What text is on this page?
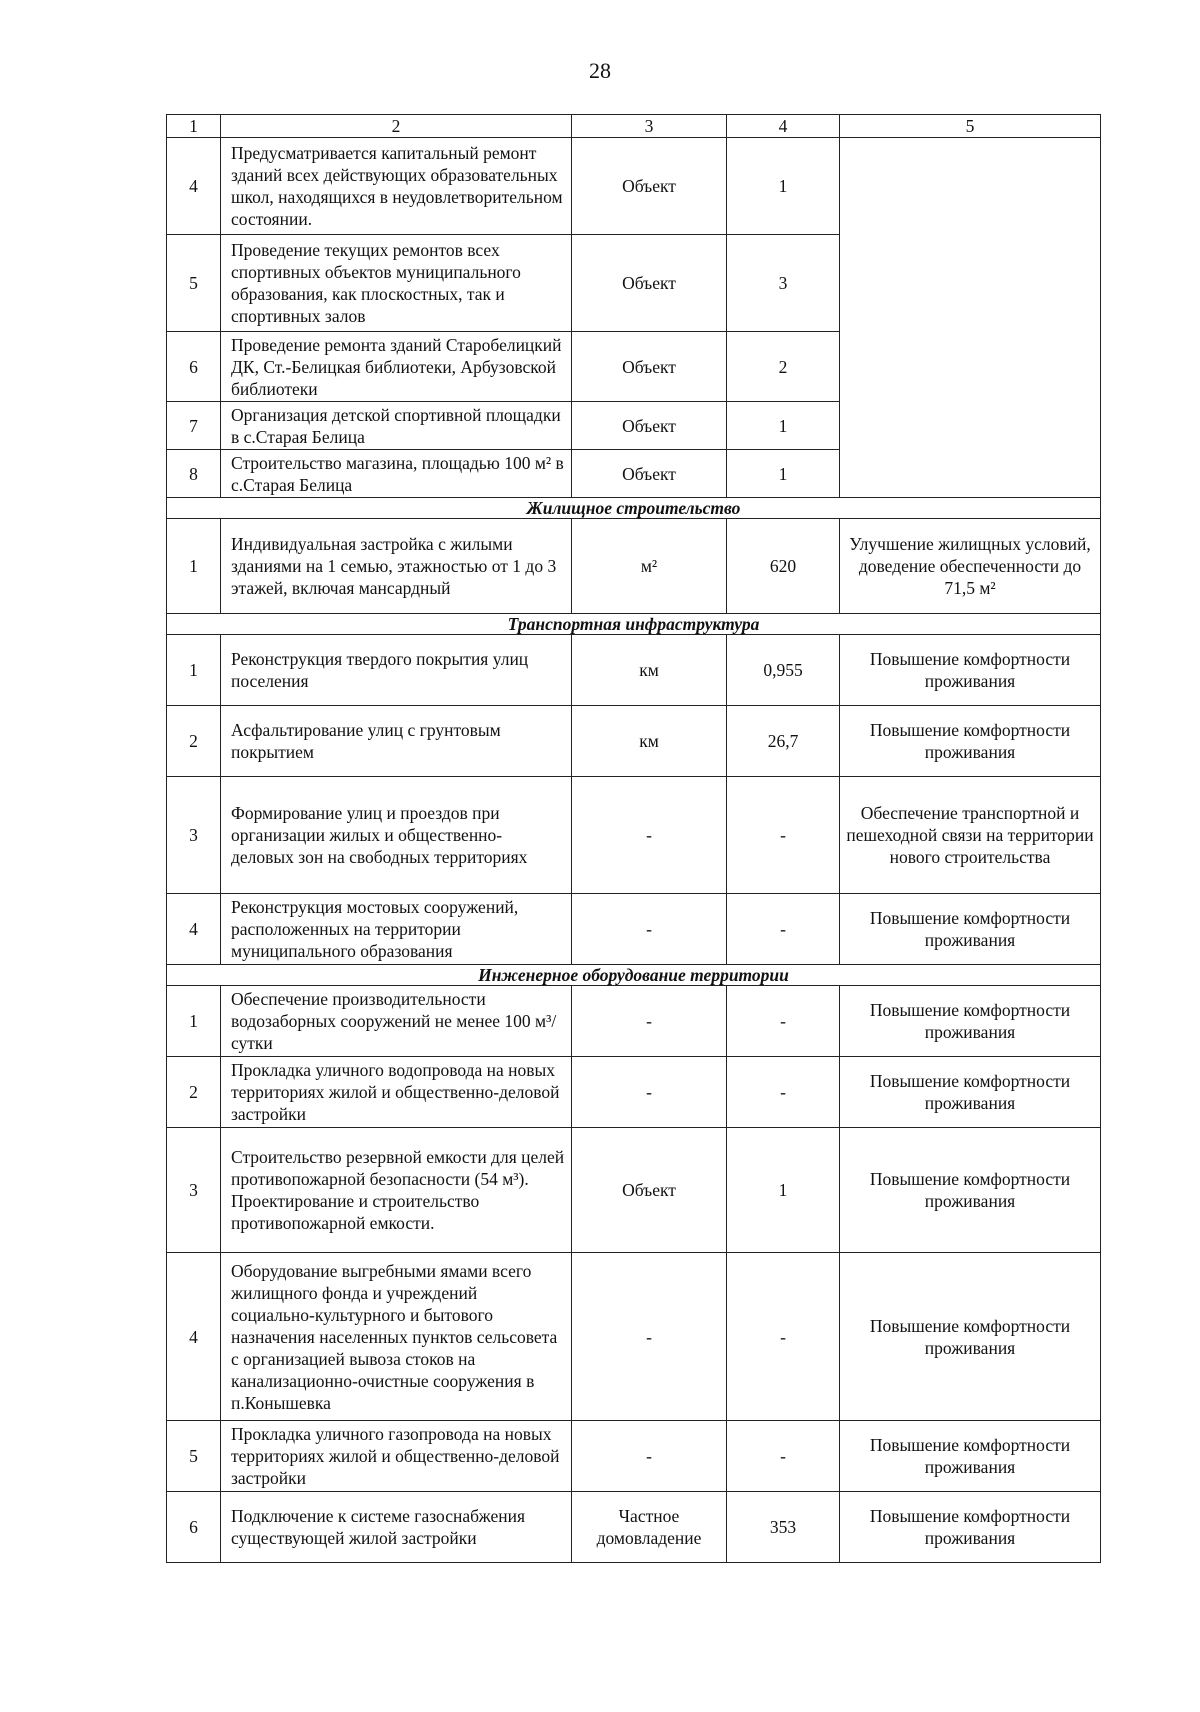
28
1	2	3	4	5
4	Предусматривается капитальный ремонт зданий всех действующих образовательных школ, находящихся в неудовлетворительном состоянии.	Объект	1	
5	Проведение текущих ремонтов всех спортивных объектов муниципального образования, как плоскостных, так и спортивных залов	Объект	3	
6	Проведение ремонта зданий Старобелицкий ДК, Ст.-Белицкая библиотеки, Арбузовской библиотеки	Объект	2	
7	Организация детской спортивной площадки в с.Старая Белица	Объект	1	
8	Строительство магазина, площадью 100 м² в с.Старая Белица	Объект	1	
Жилищное строительство				
1	Индивидуальная застройка с жилыми зданиями на 1 семью, этажностью от 1 до 3 этажей, включая мансардный	м²	620	Улучшение жилищных условий, доведение обеспеченности до 71,5 м²
Транспортная инфраструктура				
1	Реконструкция твердого покрытия улиц поселения	км	0,955	Повышение комфортности проживания
2	Асфальтирование улиц с грунтовым покрытием	км	26,7	Повышение комфортности проживания
3	Формирование улиц и проездов при организации жилых и общественно-деловых зон на свободных территориях	-	-	Обеспечение транспортной и пешеходной связи на территории нового строительства
4	Реконструкция мостовых сооружений, расположенных на территории муниципального образования	-	-	Повышение комфортности проживания
Инженерное оборудование территории				
1	Обеспечение производительности водозаборных сооружений не менее 100 м³/сутки	-	-	Повышение комфортности проживания
2	Прокладка уличного водопровода на новых территориях жилой и общественно-деловой застройки	-	-	Повышение комфортности проживания
3	Строительство резервной емкости для целей противопожарной безопасности (54 м³). Проектирование и строительство противопожарной емкости.	Объект	1	Повышение комфортности проживания
4	Оборудование выгребными ямами всего жилищного фонда и учреждений социально-культурного и бытового назначения населенных пунктов сельсовета с организацией вывоза стоков на канализационно-очистные сооружения в п.Конышевка	-	-	Повышение комфортности проживания
5	Прокладка уличного газопровода на новых территориях жилой и общественно-деловой застройки	-	-	Повышение комфортности проживания
6	Подключение к системе газоснабжения существующей жилой застройки	Частное домовладение	353	Повышение комфортности проживания
